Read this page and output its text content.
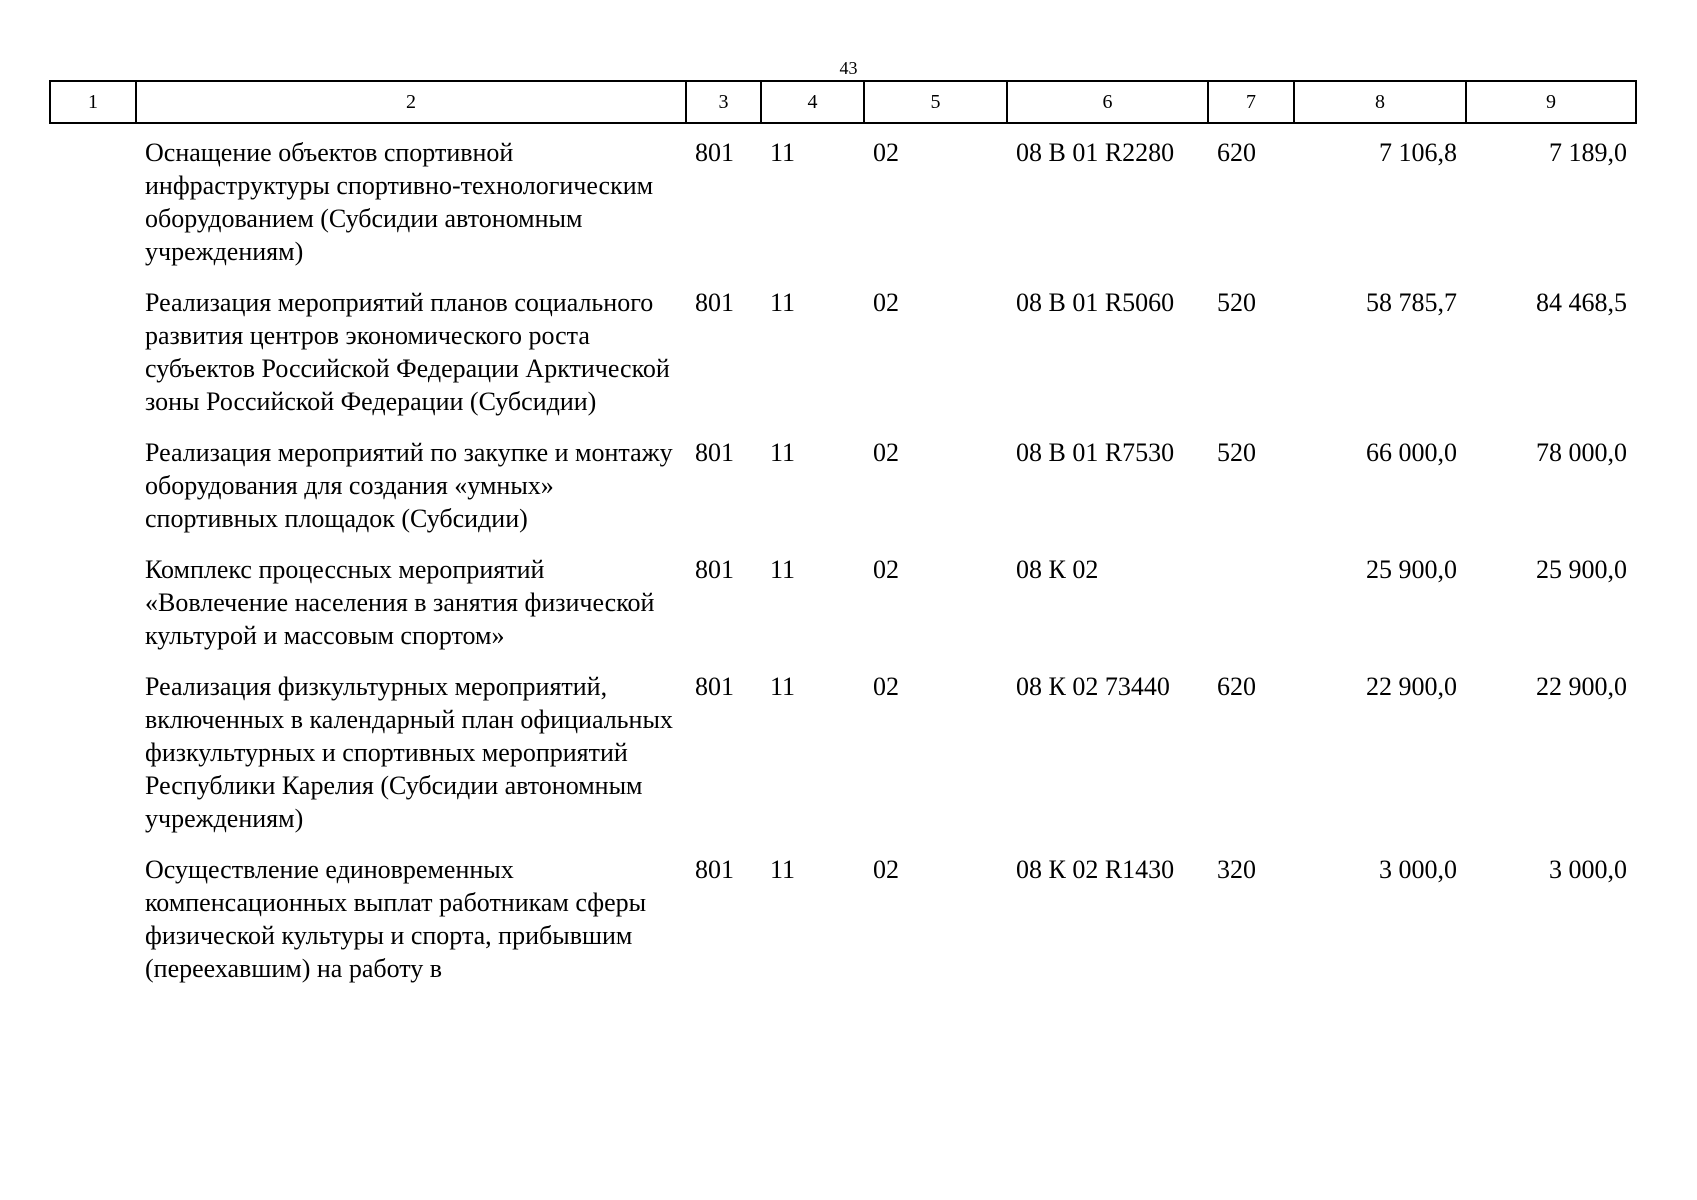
43
1	2	3	4	5	6	7	8	9
	Оснащение объектов спортивной инфраструктуры спортивно-технологическим оборудованием (Субсидии автономным учреждениям)	801	11	02	08 В 01 R2280	620	7 106,8	7 189,0
	Реализация мероприятий планов социального развития центров экономического роста субъектов Российской Федерации Арктической зоны Российской Федерации (Субсидии)	801	11	02	08 В 01 R5060	520	58 785,7	84 468,5
	Реализация мероприятий по закупке и монтажу оборудования для создания «умных» спортивных площадок (Субсидии)	801	11	02	08 В 01 R7530	520	66 000,0	78 000,0
	Комплекс процессных мероприятий «Вовлечение населения в занятия физической культурой и массовым спортом»	801	11	02	08 К 02		25 900,0	25 900,0
	Реализация физкультурных мероприятий, включенных в календарный план официальных физкультурных и спортивных мероприятий Республики Карелия (Субсидии автономным учреждениям)	801	11	02	08 К 02 73440	620	22 900,0	22 900,0
	Осуществление единовременных компенсационных выплат работникам сферы физической культуры и спорта, прибывшим (переехавшим) на работу в	801	11	02	08 К 02 R1430	320	3 000,0	3 000,0
